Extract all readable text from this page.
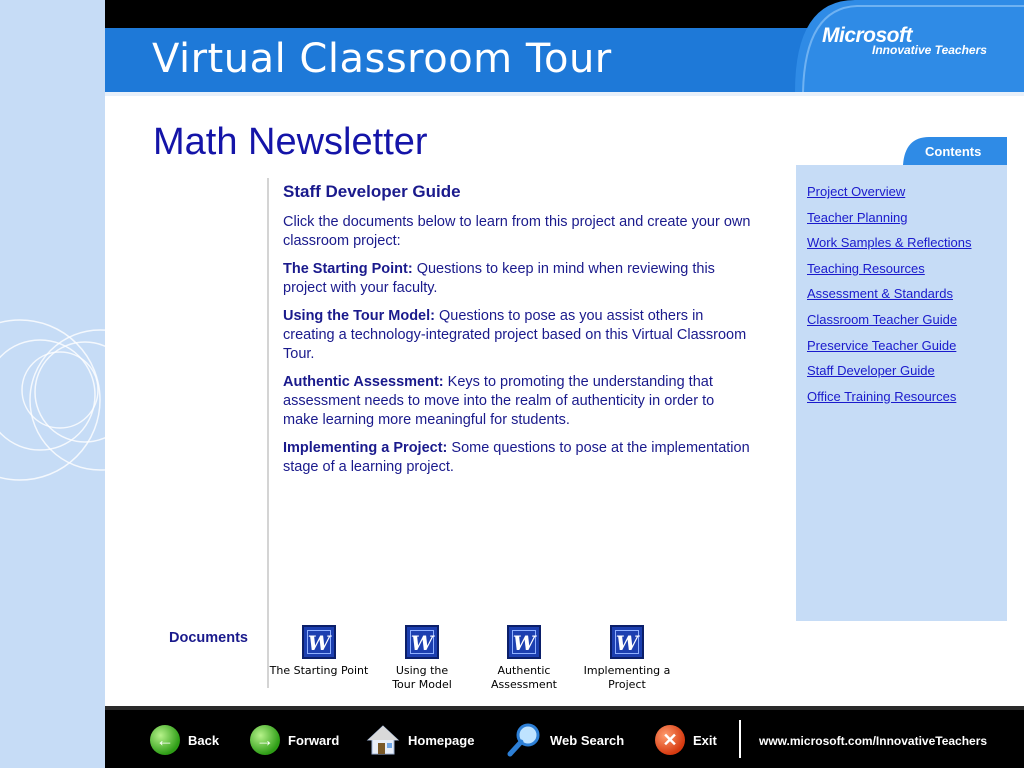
Virtual Classroom Tour
Microsoft
Innovative Teachers
Math Newsletter
Staff Developer Guide

Click the documents below to learn from this project and create your own classroom project:

The Starting Point: Questions to keep in mind when reviewing this project with your faculty.

Using the Tour Model: Questions to pose as you assist others in creating a technology-integrated project based on this Virtual Classroom Tour.

Authentic Assessment: Keys to promoting the understanding that assessment needs to move into the realm of authenticity in order to make learning more meaningful for students.

Implementing a Project: Some questions to pose at the implementation stage of a learning project.

Contents
Project Overview
Teacher Planning
Work Samples & Reflections
Teaching Resources
Assessment & Standards
Classroom Teacher Guide
Preservice Teacher Guide
Staff Developer Guide
Office Training Resources
Documents	W
The Starting Point
W
Using the Tour Model
W
Authentic Assessment
W
Implementing a Project
←	Back	→	Forward	Homepage	Web Search	✕	Exit	www.microsoft.com/InnovativeTeachers
